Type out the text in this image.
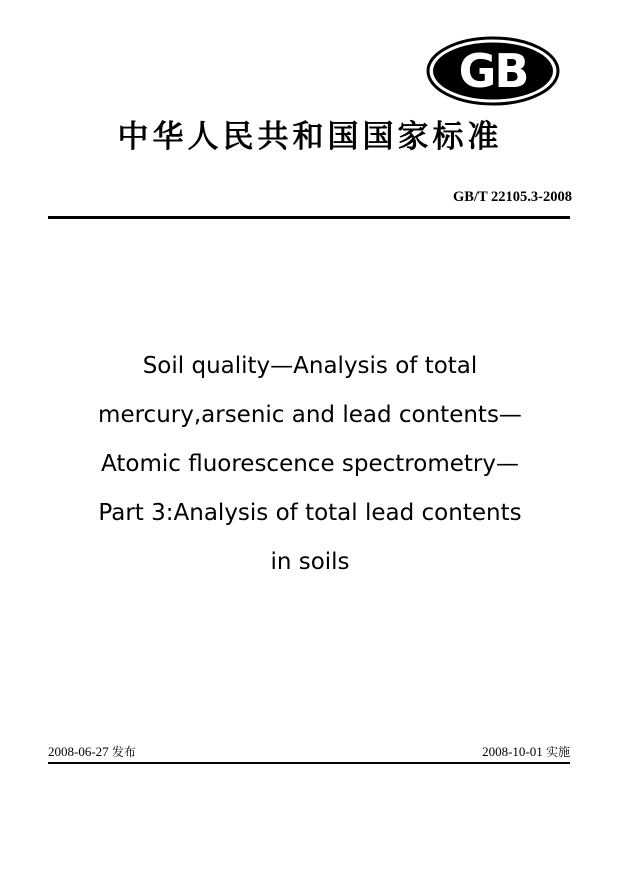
GB
中华人民共和国国家标准
GB/T 22105.3-2008
Soil quality—Analysis of total
mercury,arsenic and lead contents—
Atomic fluorescence spectrometry—
Part 3:Analysis of total lead contents
in soils
2008-06-27 发布	2008-10-01 实施
